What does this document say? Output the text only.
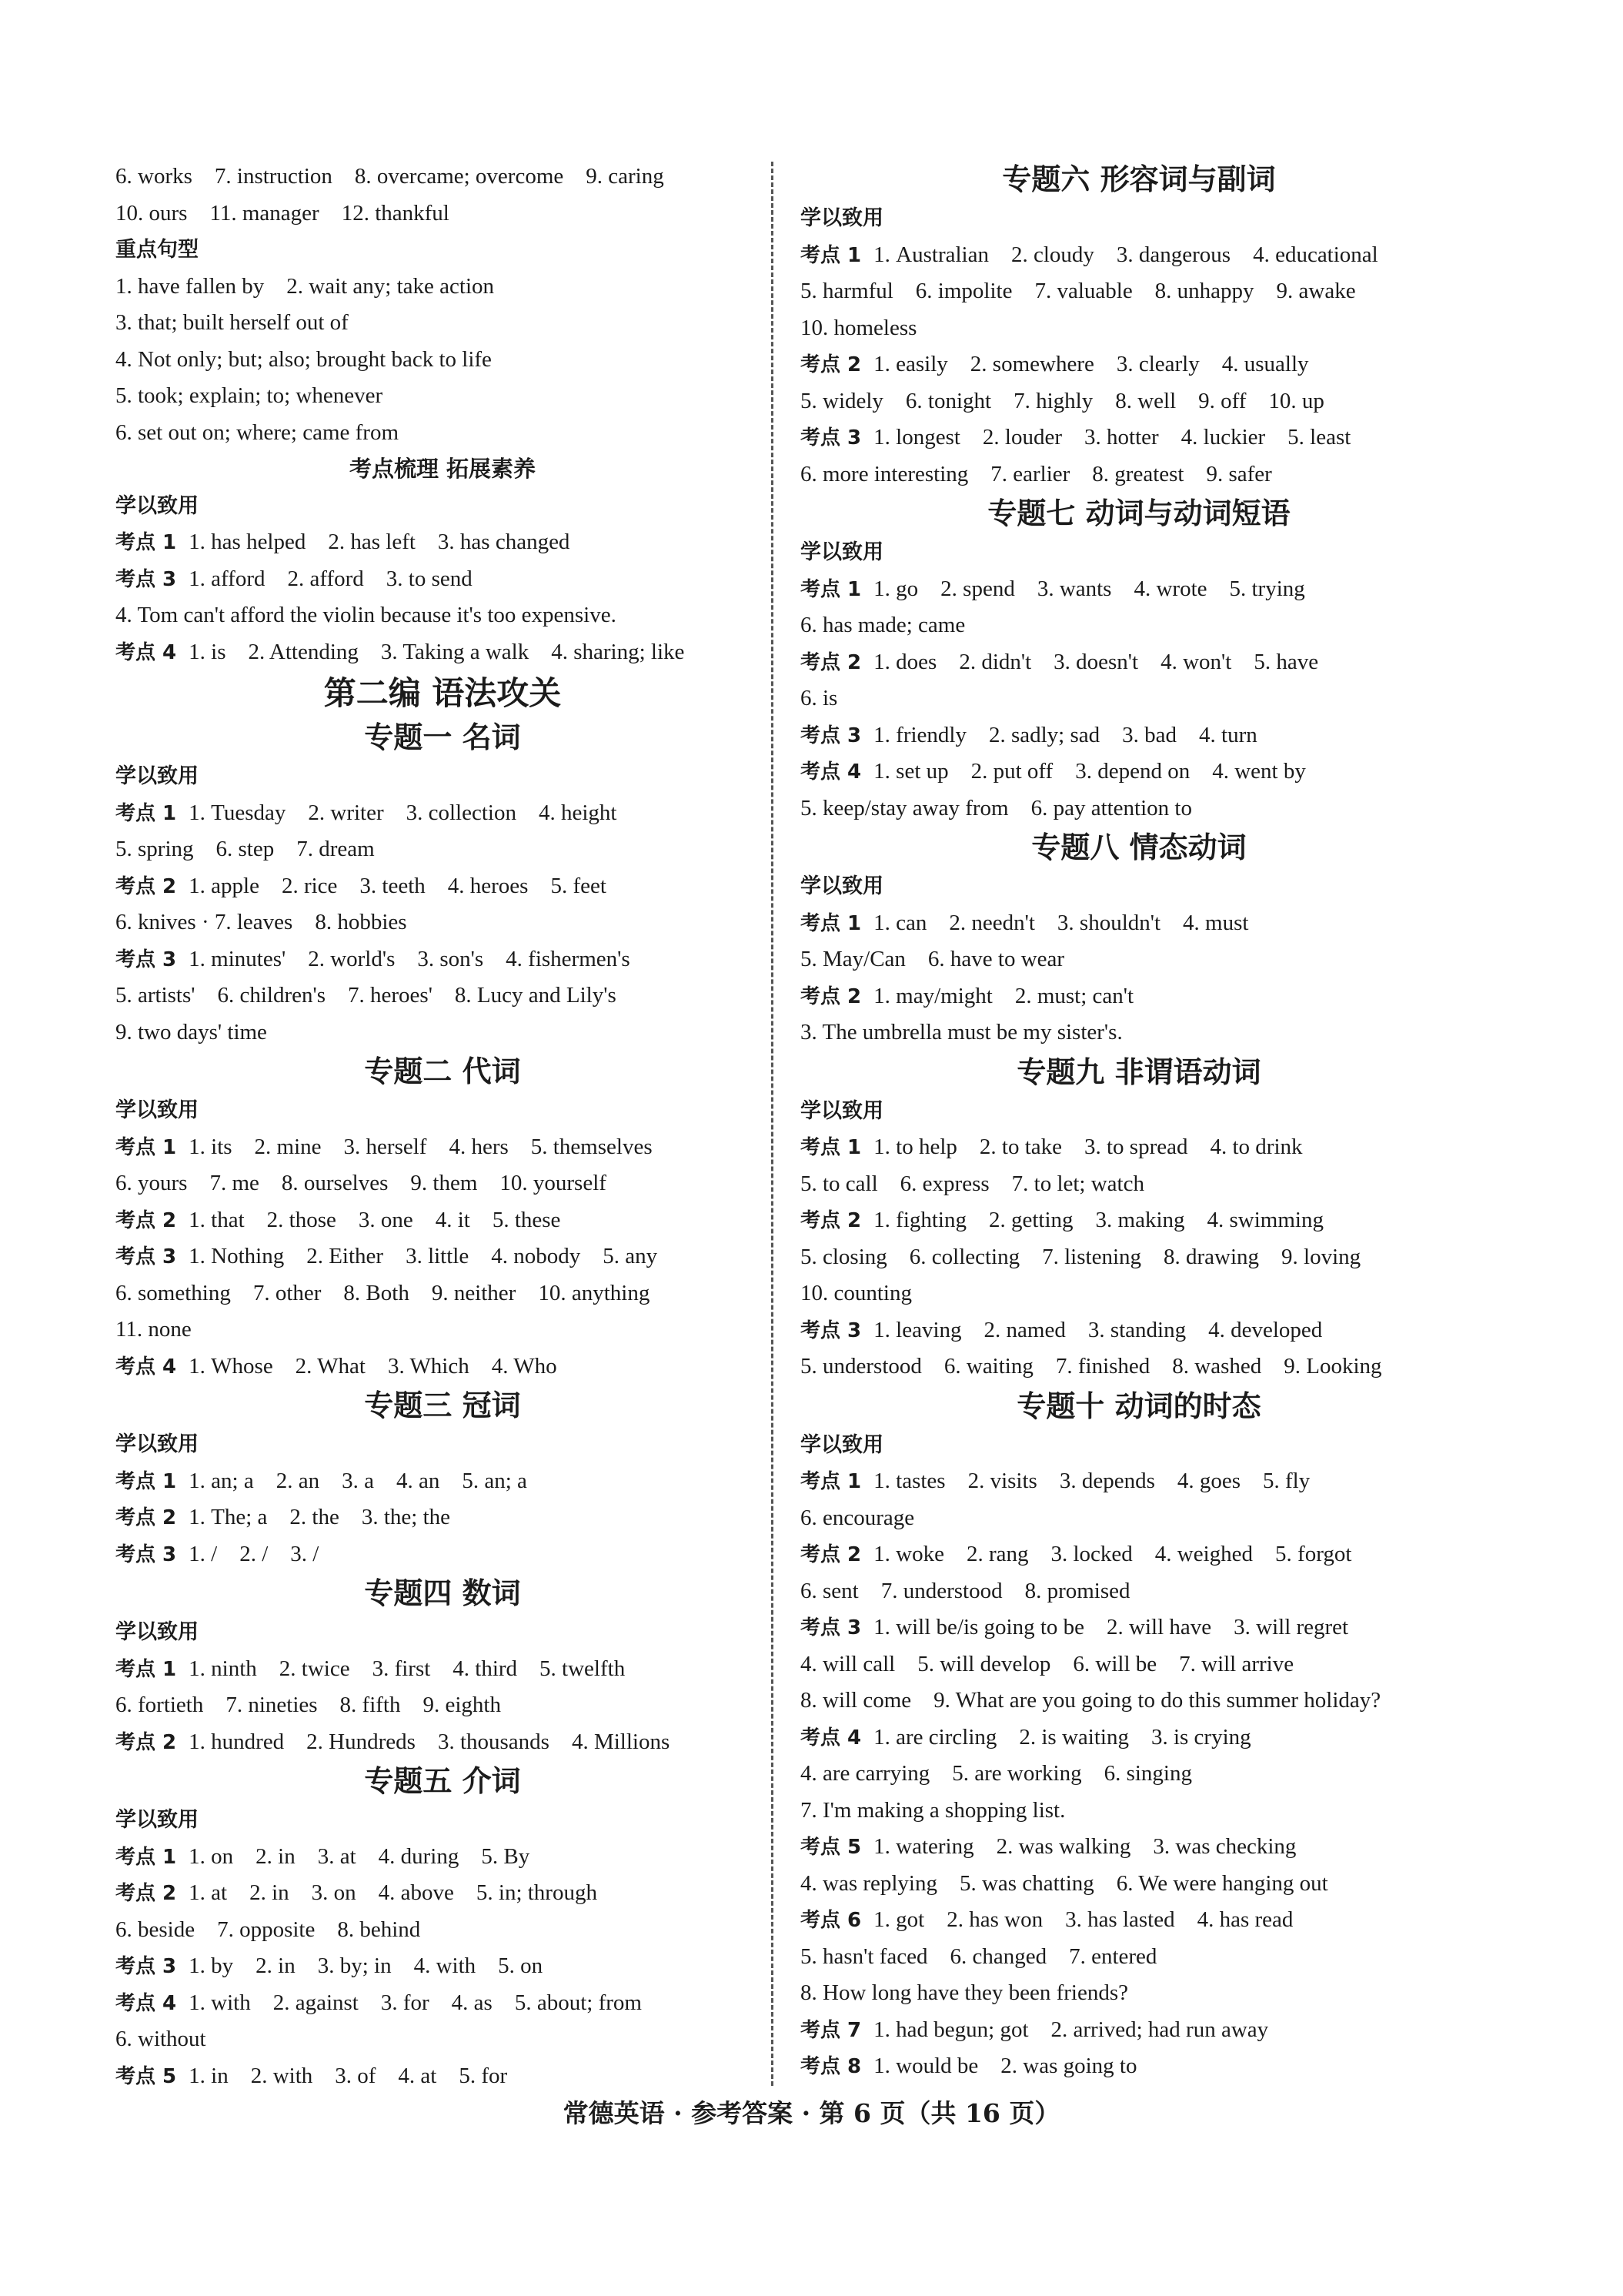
6. works    7. instruction    8. overcame; overcome    9. caring
10. ours    11. manager    12. thankful
重点句型
1. have fallen by    2. wait any; take action
3. that; built herself out of
4. Not only; but; also; brought back to life
5. took; explain; to; whenever
6. set out on; where; came from
考点梳理 拓展素养
学以致用
考点 1 1. has helped    2. has left    3. has changed
考点 3 1. afford    2. afford    3. to send
4. Tom can't afford the violin because it's too expensive.
考点 4 1. is    2. Attending    3. Taking a walk    4. sharing; like
第二编 语法攻关
专题一 名词
学以致用
考点 1 1. Tuesday    2. writer    3. collection    4. height
5. spring    6. step    7. dream
考点 2 1. apple    2. rice    3. teeth    4. heroes    5. feet
6. knives · 7. leaves    8. hobbies
考点 3 1. minutes'    2. world's    3. son's    4. fishermen's
5. artists'    6. children's    7. heroes'    8. Lucy and Lily's
9. two days' time
专题二 代词
学以致用
考点 1 1. its    2. mine    3. herself    4. hers    5. themselves
6. yours    7. me    8. ourselves    9. them    10. yourself
考点 2 1. that    2. those    3. one    4. it    5. these
考点 3 1. Nothing    2. Either    3. little    4. nobody    5. any
6. something    7. other    8. Both    9. neither    10. anything
11. none
考点 4 1. Whose    2. What    3. Which    4. Who
专题三 冠词
学以致用
考点 1 1. an; a    2. an    3. a    4. an    5. an; a
考点 2 1. The; a    2. the    3. the; the
考点 3 1. /    2. /    3. /
专题四 数词
学以致用
考点 1 1. ninth    2. twice    3. first    4. third    5. twelfth
6. fortieth    7. nineties    8. fifth    9. eighth
考点 2 1. hundred    2. Hundreds    3. thousands    4. Millions
专题五 介词
学以致用
考点 1 1. on    2. in    3. at    4. during    5. By
考点 2 1. at    2. in    3. on    4. above    5. in; through
6. beside    7. opposite    8. behind
考点 3 1. by    2. in    3. by; in    4. with    5. on
考点 4 1. with    2. against    3. for    4. as    5. about; from
6. without
考点 5 1. in    2. with    3. of    4. at    5. for
专题六 形容词与副词
学以致用
考点 1 1. Australian    2. cloudy    3. dangerous    4. educational
5. harmful    6. impolite    7. valuable    8. unhappy    9. awake
10. homeless
考点 2 1. easily    2. somewhere    3. clearly    4. usually
5. widely    6. tonight    7. highly    8. well    9. off    10. up
考点 3 1. longest    2. louder    3. hotter    4. luckier    5. least
6. more interesting    7. earlier    8. greatest    9. safer
专题七 动词与动词短语
学以致用
考点 1 1. go    2. spend    3. wants    4. wrote    5. trying
6. has made; came
考点 2 1. does    2. didn't    3. doesn't    4. won't    5. have
6. is
考点 3 1. friendly    2. sadly; sad    3. bad    4. turn
考点 4 1. set up    2. put off    3. depend on    4. went by
5. keep/stay away from    6. pay attention to
专题八 情态动词
学以致用
考点 1 1. can    2. needn't    3. shouldn't    4. must
5. May/Can    6. have to wear
考点 2 1. may/might    2. must; can't
3. The umbrella must be my sister's.
专题九 非谓语动词
学以致用
考点 1 1. to help    2. to take    3. to spread    4. to drink
5. to call    6. express    7. to let; watch
考点 2 1. fighting    2. getting    3. making    4. swimming
5. closing    6. collecting    7. listening    8. drawing    9. loving
10. counting
考点 3 1. leaving    2. named    3. standing    4. developed
5. understood    6. waiting    7. finished    8. washed    9. Looking
专题十 动词的时态
学以致用
考点 1 1. tastes    2. visits    3. depends    4. goes    5. fly
6. encourage
考点 2 1. woke    2. rang    3. locked    4. weighed    5. forgot
6. sent    7. understood    8. promised
考点 3 1. will be/is going to be    2. will have    3. will regret
4. will call    5. will develop    6. will be    7. will arrive
8. will come    9. What are you going to do this summer holiday?
考点 4 1. are circling    2. is waiting    3. is crying
4. are carrying    5. are working    6. singing
7. I'm making a shopping list.
考点 5 1. watering    2. was walking    3. was checking
4. was replying    5. was chatting    6. We were hanging out
考点 6 1. got    2. has won    3. has lasted    4. has read
5. hasn't faced    6. changed    7. entered
8. How long have they been friends?
考点 7 1. had begun; got    2. arrived; had run away
考点 8 1. would be    2. was going to
常德英语 · 参考答案 · 第 6 页（共 16 页）
